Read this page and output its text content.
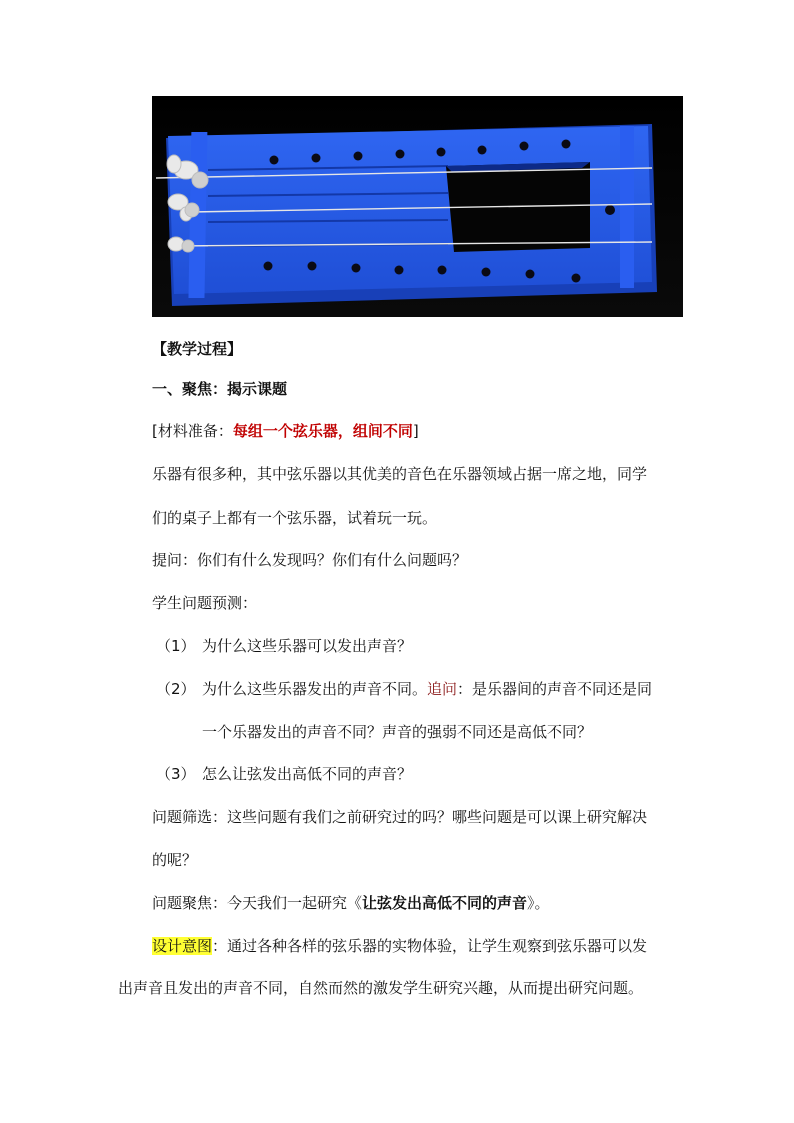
【教学过程】
一、聚焦：揭示课题
[材料准备：每组一个弦乐器，组间不同]
乐器有很多种，其中弦乐器以其优美的音色在乐器领域占据一席之地，同学
们的桌子上都有一个弦乐器，试着玩一玩。
提问：你们有什么发现吗？你们有什么问题吗？
学生问题预测：
（1） 为什么这些乐器可以发出声音？
（2） 为什么这些乐器发出的声音不同。追问：是乐器间的声音不同还是同
一个乐器发出的声音不同？声音的强弱不同还是高低不同？
（3） 怎么让弦发出高低不同的声音？
问题筛选：这些问题有我们之前研究过的吗？哪些问题是可以课上研究解决
的呢？
问题聚焦：今天我们一起研究《让弦发出高低不同的声音》。
设计意图：通过各种各样的弦乐器的实物体验，让学生观察到弦乐器可以发
出声音且发出的声音不同，自然而然的激发学生研究兴趣，从而提出研究问题。
